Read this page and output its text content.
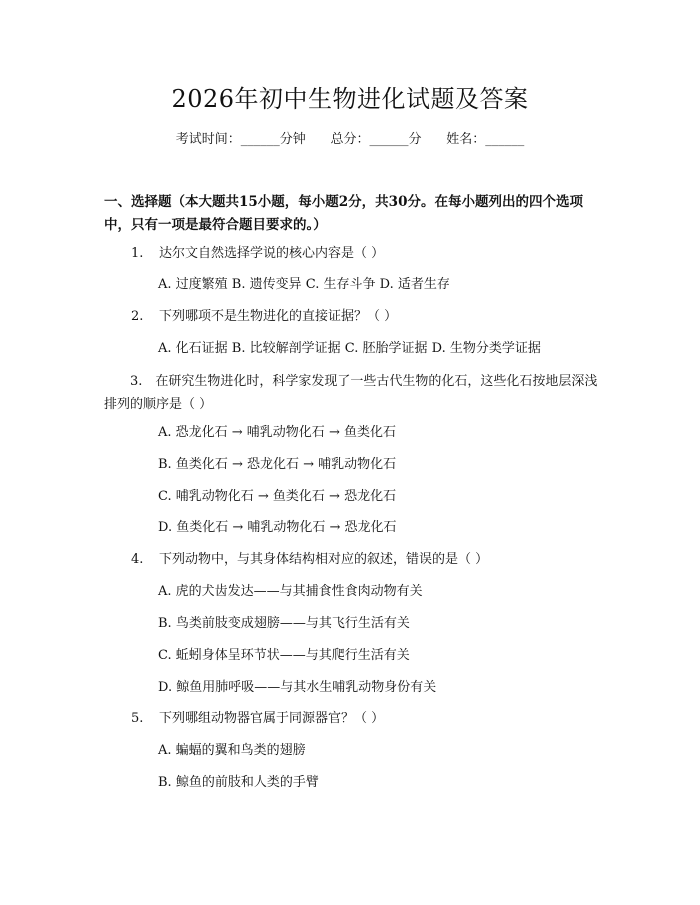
2026年初中生物进化试题及答案
考试时间：______分钟      总分：______分      姓名：______
一、选择题（本大题共15小题，每小题2分，共30分。在每小题列出的四个选项中，只有一项是最符合题目要求的。）
1. 达尔文自然选择学说的核心内容是（ ）
A. 过度繁殖 B. 遗传变异 C. 生存斗争 D. 适者生存
2. 下列哪项不是生物进化的直接证据？（ ）
A. 化石证据 B. 比较解剖学证据 C. 胚胎学证据 D. 生物分类学证据
3.　在研究生物进化时，科学家发现了一些古代生物的化石，这些化石按地层深浅排列的顺序是（ ）
A. 恐龙化石 → 哺乳动物化石 → 鱼类化石
B. 鱼类化石 → 恐龙化石 → 哺乳动物化石
C. 哺乳动物化石 → 鱼类化石 → 恐龙化石
D. 鱼类化石 → 哺乳动物化石 → 恐龙化石
4. 下列动物中，与其身体结构相对应的叙述，错误的是（ ）
A. 虎的犬齿发达——与其捕食性食肉动物有关
B. 鸟类前肢变成翅膀——与其飞行生活有关
C. 蚯蚓身体呈环节状——与其爬行生活有关
D. 鲸鱼用肺呼吸——与其水生哺乳动物身份有关
5. 下列哪组动物器官属于同源器官？（ ）
A. 蝙蝠的翼和鸟类的翅膀
B. 鲸鱼的前肢和人类的手臂
